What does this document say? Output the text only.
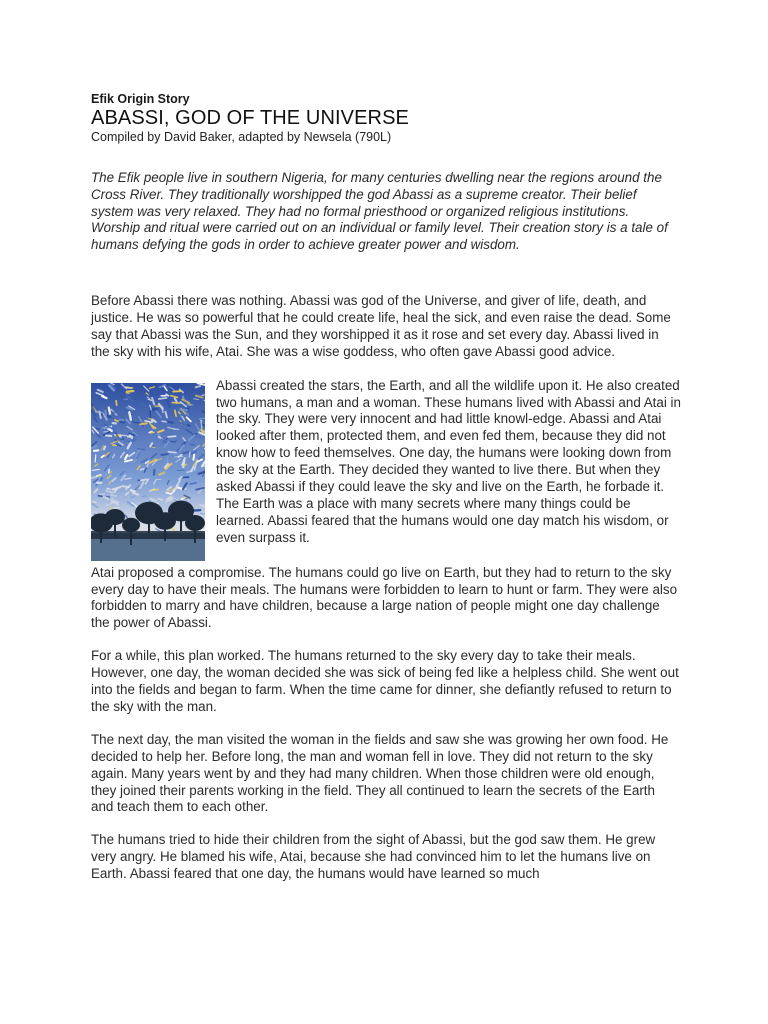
Efik Origin Story

ABASSI, GOD OF THE UNIVERSE

Compiled by David Baker, adapted by Newsela (790L)

The Efik people live in southern Nigeria, for many centuries dwelling near the regions around the Cross River. They traditionally worshipped the god Abassi as a supreme creator. Their belief system was very relaxed. They had no formal priesthood or organized religious institutions. Worship and ritual were carried out on an individual or family level. Their creation story is a tale of humans defying the gods in order to achieve greater power and wisdom.

Before Abassi there was nothing. Abassi was god of the Universe, and giver of life, death, and justice. He was so powerful that he could create life, heal the sick, and even raise the dead. Some say that Abassi was the Sun, and they worshipped it as it rose and set every day. Abassi lived in the sky with his wife, Atai. She was a wise goddess, who often gave Abassi good advice.

Abassi created the stars, the Earth, and all the wildlife upon it. He also created two humans, a man and a woman. These humans lived with Abassi and Atai in the sky. They were very innocent and had little knowl-edge. Abassi and Atai looked after them, protected them, and even fed them, because they did not know how to feed themselves. One day, the humans were looking down from the sky at the Earth. They decided they wanted to live there. But when they asked Abassi if they could leave the sky and live on the Earth, he forbade it. The Earth was a place with many secrets where many things could be learned. Abassi feared that the humans would one day match his wisdom, or even surpass it.

Atai proposed a compromise. The humans could go live on Earth, but they had to return to the sky every day to have their meals. The humans were forbidden to learn to hunt or farm. They were also forbidden to marry and have children, because a large nation of people might one day challenge the power of Abassi.

For a while, this plan worked. The humans returned to the sky every day to take their meals. However, one day, the woman decided she was sick of being fed like a helpless child. She went out into the fields and began to farm. When the time came for dinner, she defiantly refused to return to the sky with the man.

The next day, the man visited the woman in the fields and saw she was growing her own food. He decided to help her. Before long, the man and woman fell in love. They did not return to the sky again. Many years went by and they had many children. When those children were old enough, they joined their parents working in the field. They all continued to learn the secrets of the Earth and teach them to each other.

The humans tried to hide their children from the sight of Abassi, but the god saw them. He grew very angry. He blamed his wife, Atai, because she had convinced him to let the humans live on Earth. Abassi feared that one day, the humans would have learned so much
